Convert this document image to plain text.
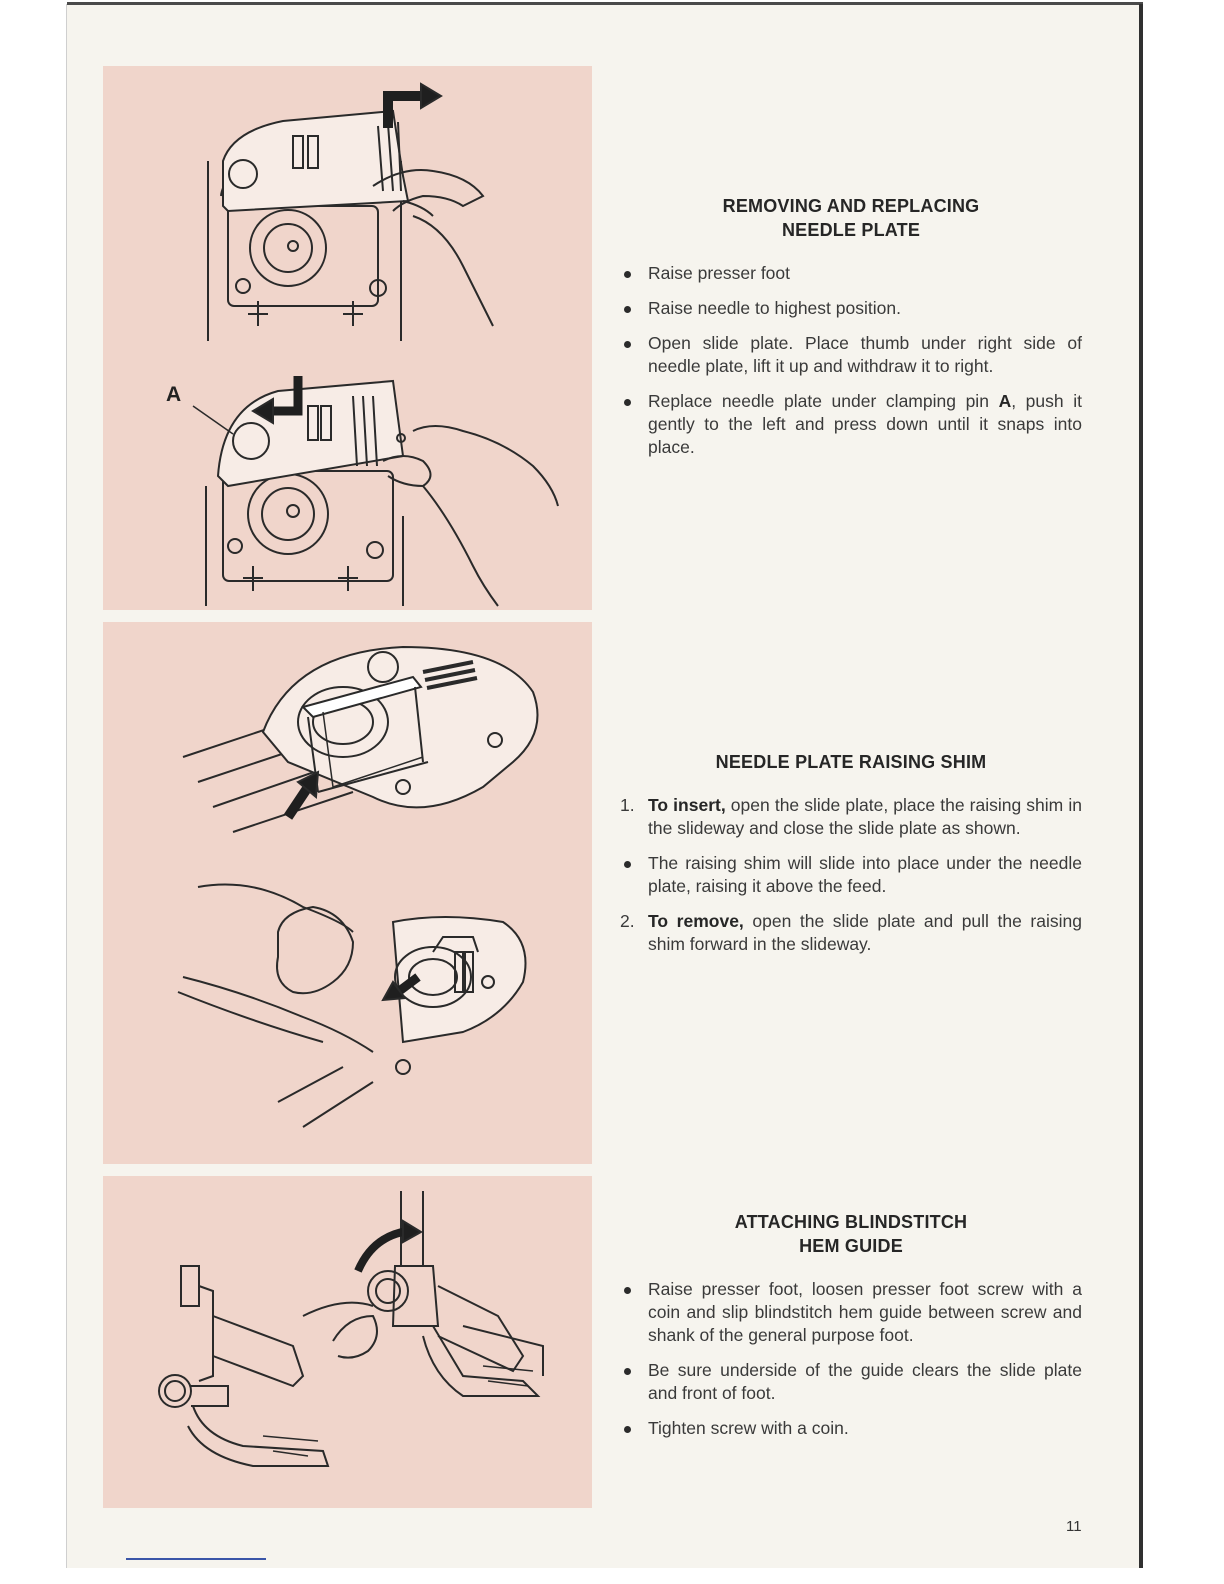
A
REMOVING AND REPLACING
NEEDLE PLATE
Raise presser foot
Raise needle to highest position.
Open slide plate. Place thumb under right side of needle plate, lift it up and withdraw it to right.
Replace needle plate under clamping pin A, push it gently to the left and press down until it snaps into place.
NEEDLE PLATE RAISING SHIM
1. To insert, open the slide plate, place the raising shim in the slideway and close the slide plate as shown.
The raising shim will slide into place under the needle plate, raising it above the feed.
2. To remove, open the slide plate and pull the raising shim forward in the slideway.
ATTACHING BLINDSTITCH
HEM GUIDE
Raise presser foot, loosen presser foot screw with a coin and slip blindstitch hem guide between screw and shank of the general purpose foot.
Be sure underside of the guide clears the slide plate and front of foot.
Tighten screw with a coin.
11
